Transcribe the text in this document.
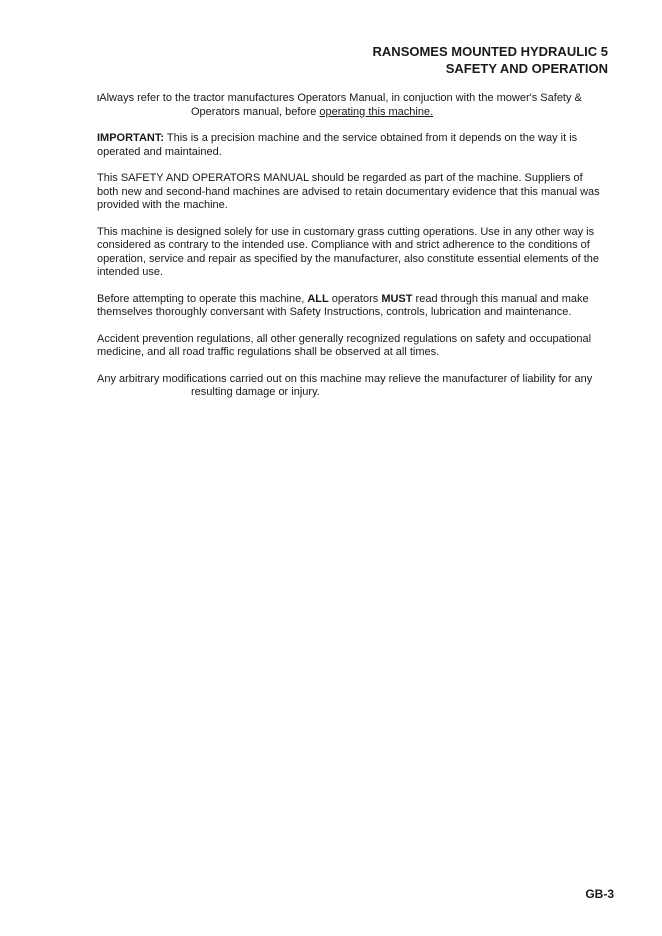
RANSOMES MOUNTED HYDRAULIC 5
SAFETY AND OPERATION

IAlways refer to the tractor manufactures Operators Manual, in conjuction with the mower's Safety &
Operators manual, before operating this machine.

IMPORTANT: This is a precision machine and the service obtained from it depends on the way it is operated and maintained.

This SAFETY AND OPERATORS MANUAL should be regarded as part of the machine. Suppliers of both new and second-hand machines are advised to retain documentary evidence that this manual was provided with the machine.

This machine is designed solely for use in customary grass cutting operations. Use in any other way is considered as contrary to the intended use. Compliance with and strict adherence to the conditions of operation, service and repair as specified by the manufacturer, also constitute essential elements of the intended use.

Before attempting to operate this machine, ALL operators MUST read through this manual and make themselves thoroughly conversant with Safety Instructions, controls, lubrication and maintenance.

Accident prevention regulations, all other generally recognized regulations on safety and occupational medicine, and all road traffic regulations shall be observed at all times.

Any arbitrary modifications carried out on this machine may relieve the manufacturer of liability for any
resulting damage or injury.

GB-3
